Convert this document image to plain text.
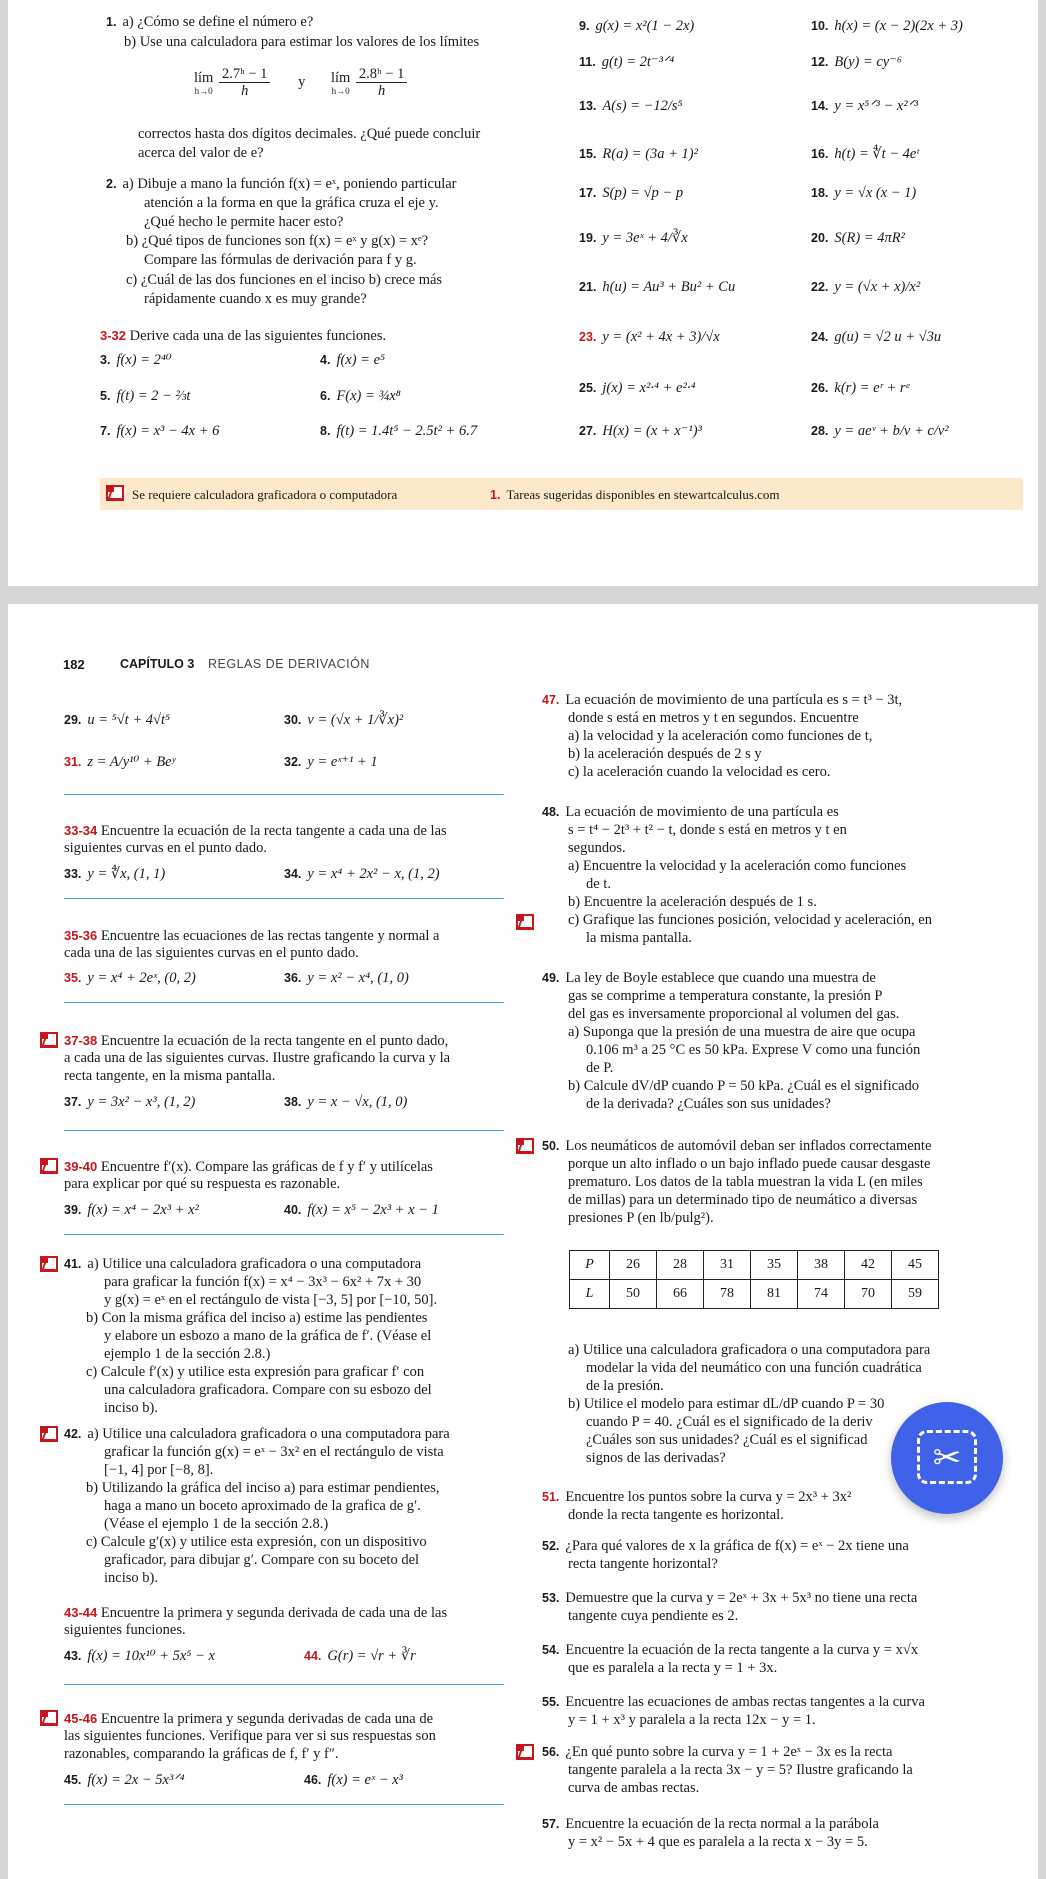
1. a) ¿Cómo se define el número e?
b) Use una calculadora para estimar los valores de los límites
lím
h→0
$\frac{\text{2.7ʰ − 1}}{h}$ y lím
h→0
$\frac{\text{2.8ʰ − 1}}{h}$
correctos hasta dos dígitos decimales. ¿Qué puede concluir
acerca del valor de e?
2. a) Dibuje a mano la función f(x) = eˣ, poniendo particular
atención a la forma en que la gráfica cruza el eje y.
¿Qué hecho le permite hacer esto?
b) ¿Qué tipos de funciones son f(x) = eˣ y g(x) = xᵉ?
Compare las fórmulas de derivación para f y g.
c) ¿Cuál de las dos funciones en el inciso b) crece más
rápidamente cuando x es muy grande?
3-32 Derive cada una de las siguientes funciones.
3. f(x) = 2⁴⁰	4. f(x) = e⁵
5. f(t) = 2 − ⅔t	6. F(x) = ¾x⁸
7. f(x) = x³ − 4x + 6	8. f(t) = 1.4t⁵ − 2.5t² + 6.7
9. g(x) = x²(1 − 2x)	10. h(x) = (x − 2)(2x + 3)
11. g(t) = 2t⁻³ᐟ⁴	12. B(y) = cy⁻⁶
13. A(s) = −12/s⁵	14. y = x⁵ᐟ³ − x²ᐟ³
15. R(a) = (3a + 1)²	16. h(t) = ∜t − 4eᵗ
17. S(p) = √p − p	18. y = √x (x − 1)
19. y = 3eˣ + 4/∛x	20. S(R) = 4πR²
21. h(u) = Au³ + Bu² + Cu	22. y = (√x + x)/x²
23. y = (x² + 4x + 3)/√x	24. g(u) = √2 u + √3u
25. j(x) = x²·⁴ + e²·⁴	26. k(r) = eʳ + rᵉ
27. H(x) = (x + x⁻¹)³	28. y = aeᵛ + b/v + c/v²
Se requiere calculadora graficadora o computadora	1. Tareas sugeridas disponibles en stewartcalculus.com
182	CAPÍTULO 3 REGLAS DE DERIVACIÓN
29. u = ⁵√t + 4√t⁵	30. v = (√x + 1/∛x)²
31. z = A/y¹⁰ + Beʸ	32. y = eˣ⁺¹ + 1
33-34 Encuentre la ecuación de la recta tangente a cada una de las
siguientes curvas en el punto dado.
33. y = ∜x, (1, 1)	34. y = x⁴ + 2x² − x, (1, 2)
35-36 Encuentre las ecuaciones de las rectas tangente y normal a
cada una de las siguientes curvas en el punto dado.
35. y = x⁴ + 2eˣ, (0, 2)	36. y = x² − x⁴, (1, 0)
37-38 Encuentre la ecuación de la recta tangente en el punto dado,
a cada una de las siguientes curvas. Ilustre graficando la curva y la
recta tangente, en la misma pantalla.
37. y = 3x² − x³, (1, 2)	38. y = x − √x, (1, 0)
39-40 Encuentre f′(x). Compare las gráficas de f y f′ y utilícelas
para explicar por qué su respuesta es razonable.
39. f(x) = x⁴ − 2x³ + x²	40. f(x) = x⁵ − 2x³ + x − 1
41. a) Utilice una calculadora graficadora o una computadora
para graficar la función f(x) = x⁴ − 3x³ − 6x² + 7x + 30
y g(x) = eˣ en el rectángulo de vista [−3, 5] por [−10, 50].
b) Con la misma gráfica del inciso a) estime las pendientes
y elabore un esbozo a mano de la gráfica de f′. (Véase el
ejemplo 1 de la sección 2.8.)
c) Calcule f′(x) y utilice esta expresión para graficar f′ con
una calculadora graficadora. Compare con su esbozo del
inciso b).
42. a) Utilice una calculadora graficadora o una computadora para
graficar la función g(x) = eˣ − 3x² en el rectángulo de vista
[−1, 4] por [−8, 8].
b) Utilizando la gráfica del inciso a) para estimar pendientes,
haga a mano un boceto aproximado de la grafica de g′.
(Véase el ejemplo 1 de la sección 2.8.)
c) Calcule g′(x) y utilice esta expresión, con un dispositivo
graficador, para dibujar g′. Compare con su boceto del
inciso b).
43-44 Encuentre la primera y segunda derivada de cada una de las
siguientes funciones.
43. f(x) = 10x¹⁰ + 5x⁵ − x	44. G(r) = √r + ∛r
45-46 Encuentre la primera y segunda derivadas de cada una de
las siguientes funciones. Verifique para ver si sus respuestas son
razonables, comparando la gráficas de f, f′ y f″.
45. f(x) = 2x − 5x³ᐟ⁴	46. f(x) = eˣ − x³
47. La ecuación de movimiento de una partícula es s = t³ − 3t,
donde s está en metros y t en segundos. Encuentre
a) la velocidad y la aceleración como funciones de t,
b) la aceleración después de 2 s y
c) la aceleración cuando la velocidad es cero.
48. La ecuación de movimiento de una partícula es
s = t⁴ − 2t³ + t² − t, donde s está en metros y t en
segundos.
a) Encuentre la velocidad y la aceleración como funciones
de t.
b) Encuentre la aceleración después de 1 s.
c) Grafique las funciones posición, velocidad y aceleración, en
la misma pantalla.
49. La ley de Boyle establece que cuando una muestra de
gas se comprime a temperatura constante, la presión P
del gas es inversamente proporcional al volumen del gas.
a) Suponga que la presión de una muestra de aire que ocupa
0.106 m³ a 25 °C es 50 kPa. Exprese V como una función
de P.
b) Calcule dV/dP cuando P = 50 kPa. ¿Cuál es el significado
de la derivada? ¿Cuáles son sus unidades?
50. Los neumáticos de automóvil deban ser inflados correctamente
porque un alto inflado o un bajo inflado puede causar desgaste
prematuro. Los datos de la tabla muestran la vida L (en miles
de millas) para un determinado tipo de neumático a diversas
presiones P (en lb/pulg²).
P	26	28	31	35	38	42	45
L	50	66	78	81	74	70	59
a) Utilice una calculadora graficadora o una computadora para
modelar la vida del neumático con una función cuadrática
de la presión.
b) Utilice el modelo para estimar dL/dP cuando P = 30
cuando P = 40. ¿Cuál es el significado de la deriv
¿Cuáles son sus unidades? ¿Cuál es el significad
signos de las derivadas?
51. Encuentre los puntos sobre la curva y = 2x³ + 3x²
donde la recta tangente es horizontal.
52. ¿Para qué valores de x la gráfica de f(x) = eˣ − 2x tiene una
recta tangente horizontal?
53. Demuestre que la curva y = 2eˣ + 3x + 5x³ no tiene una recta
tangente cuya pendiente es 2.
54. Encuentre la ecuación de la recta tangente a la curva y = x√x
que es paralela a la recta y = 1 + 3x.
55. Encuentre las ecuaciones de ambas rectas tangentes a la curva
y = 1 + x³ y paralela a la recta 12x − y = 1.
56. ¿En qué punto sobre la curva y = 1 + 2eˣ − 3x es la recta
tangente paralela a la recta 3x − y = 5? Ilustre graficando la
curva de ambas rectas.
57. Encuentre la ecuación de la recta normal a la parábola
y = x² − 5x + 4 que es paralela a la recta x − 3y = 5.
✂
